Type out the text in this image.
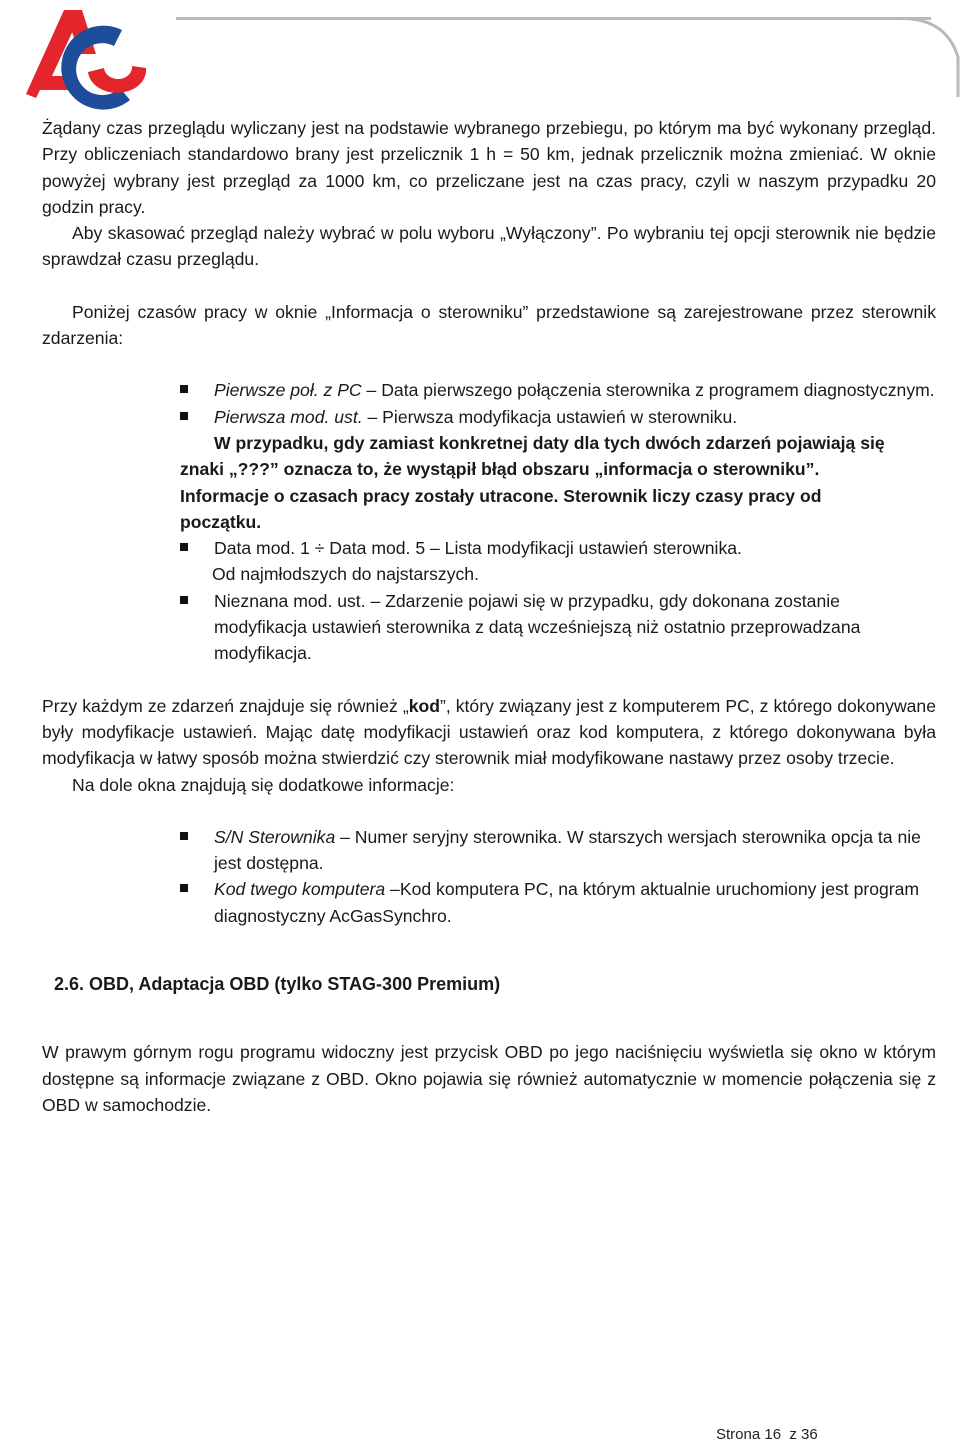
Żądany czas przeglądu wyliczany jest na podstawie wybranego przebiegu, po którym ma być wykonany przegląd. Przy obliczeniach standardowo brany jest przelicznik 1 h = 50 km, jednak przelicznik można zmieniać. W oknie powyżej wybrany jest przegląd za 1000 km, co przeliczane jest na czas pracy, czyli w naszym przypadku 20 godzin pracy.

Aby skasować przegląd należy wybrać w polu wyboru „Wyłączony”. Po wybraniu tej opcji sterownik nie będzie sprawdzał czasu przeglądu.

Poniżej czasów pracy w oknie „Informacja o sterowniku” przedstawione są zarejestrowane przez sterownik zdarzenia:

Pierwsze poł. z PC – Data pierwszego połączenia sterownika z programem diagnostycznym.
Pierwsza mod. ust. – Pierwsza modyfikacja ustawień w sterowniku.
W przypadku, gdy zamiast konkretnej daty dla tych dwóch zdarzeń pojawiają się
znaki „???” oznacza to, że wystąpił błąd obszaru „informacja o sterowniku”. Informacje o czasach pracy zostały utracone. Sterownik liczy czasy pracy od początku.
Data mod. 1 ÷ Data mod. 5 – Lista modyfikacji ustawień sterownika.
Od najmłodszych do najstarszych.
Nieznana mod. ust. – Zdarzenie pojawi się w przypadku, gdy dokonana zostanie modyfikacja ustawień sterownika z datą wcześniejszą niż ostatnio przeprowadzana modyfikacja.

Przy każdym ze zdarzeń znajduje się również „kod”, który związany jest z komputerem PC, z którego dokonywane były modyfikacje ustawień. Mając datę modyfikacji ustawień oraz kod komputera, z którego dokonywana była modyfikacja w łatwy sposób można stwierdzić czy sterownik miał modyfikowane nastawy przez osoby trzecie.

Na dole okna znajdują się dodatkowe informacje:

S/N Sterownika – Numer seryjny sterownika. W starszych wersjach sterownika opcja ta nie jest dostępna.
Kod twego komputera –Kod komputera PC, na którym aktualnie uruchomiony jest program diagnostyczny AcGasSynchro.
2.6. OBD, Adaptacja OBD (tylko STAG-300 Premium)

W prawym górnym rogu programu widoczny jest przycisk OBD po jego naciśnięciu wyświetla się okno w którym dostępne są informacje związane z OBD. Okno pojawia się również automatycznie w momencie połączenia się z OBD w samochodzie.

Strona 16  z 36
